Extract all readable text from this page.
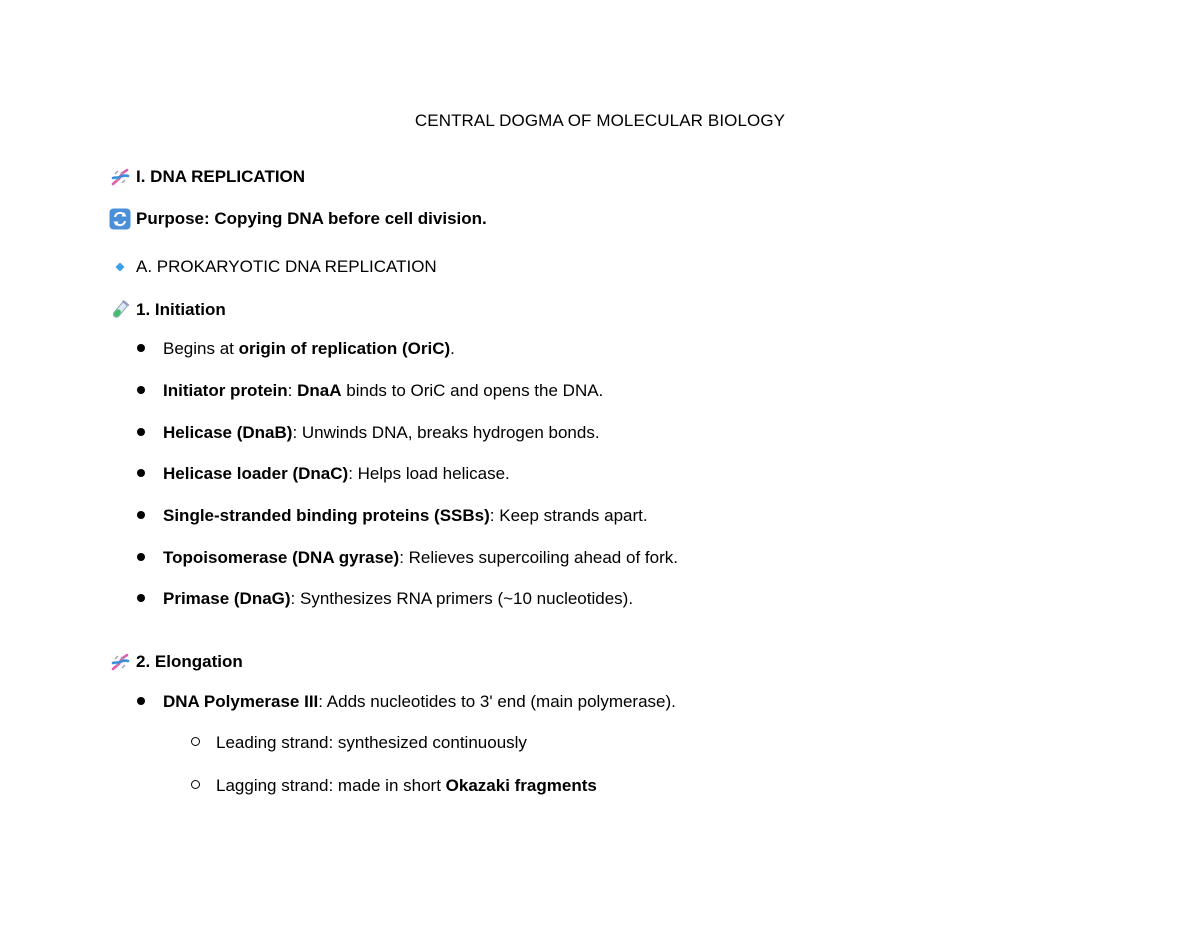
CENTRAL DOGMA OF MOLECULAR BIOLOGY
I. DNA REPLICATION
Purpose: Copying DNA before cell division.
A. PROKARYOTIC DNA REPLICATION
1. Initiation
Begins at origin of replication (OriC).
Initiator protein: DnaA binds to OriC and opens the DNA.
Helicase (DnaB): Unwinds DNA, breaks hydrogen bonds.
Helicase loader (DnaC): Helps load helicase.
Single-stranded binding proteins (SSBs): Keep strands apart.
Topoisomerase (DNA gyrase): Relieves supercoiling ahead of fork.
Primase (DnaG): Synthesizes RNA primers (~10 nucleotides).
2. Elongation
DNA Polymerase III: Adds nucleotides to 3' end (main polymerase).
Leading strand: synthesized continuously
Lagging strand: made in short Okazaki fragments
